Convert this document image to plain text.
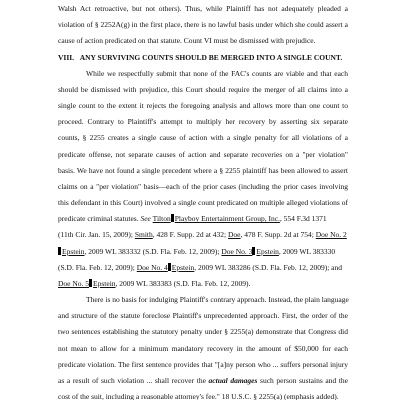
Walsh Act retroactive, but not others). Thus, while Plaintiff has not adequately pleaded a
violation of § 2252A(g) in the first place, there is no lawful basis under which she could assert a
cause of action predicated on that statute. Count VI must be dismissed with prejudice.
VIII. ANY SURVIVING COUNTS SHOULD BE MERGED INTO A SINGLE COUNT.
While we respectfully submit that none of the FAC's counts are viable and that each
should be dismissed with prejudice, this Court should require the merger of all claims into a
single count to the extent it rejects the foregoing analysis and allows more than one count to
proceed. Contrary to Plaintiff's attempt to multiply her recovery by asserting six separate
counts, § 2255 creates a single cause of action with a single penalty for all violations of a
predicate offense, not separate causes of action and separate recoveries on a "per violation"
basis. We have not found a single precedent where a § 2255 plaintiff has been allowed to assert
claims on a "per violation" basis—each of the prior cases (including the prior cases involving
this defendant in this Court) involved a single count predicated on multiple alleged violations of
predicate criminal statutes. See Tilton Playboy Entertainment Group, Inc., 554 F.3d 1371
(11th Cir. Jan. 15, 2009); Smith, 428 F. Supp. 2d at 432; Doe, 478 F. Supp. 2d at 754; Doe No. 2
Epstein, 2009 WL 383332 (S.D. Fla. Feb. 12, 2009); Doe No. 3 Epstein, 2009 WL 383330
(S.D. Fla. Feb. 12, 2009); Doe No. 4 Epstein, 2009 WL 383286 (S.D. Fla. Feb. 12, 2009); and
Doe No. 5 Epstein, 2009 WL 383383 (S.D. Fla. Feb. 12, 2009).
There is no basis for indulging Plaintiff's contrary approach. Instead, the plain language
and structure of the statute foreclose Plaintiff's unprecedented approach. First, the order of the
two sentences establishing the statutory penalty under § 2255(a) demonstrate that Congress did
not mean to allow for a minimum mandatory recovery in the amount of $50,000 for each
predicate violation. The first sentence provides that "[a]ny person who ... suffers personal injury
as a result of such violation ... shall recover the actual damages such person sustains and the
cost of the suit, including a reasonable attorney's fee." 18 U.S.C. § 2255(a) (emphasis added).
